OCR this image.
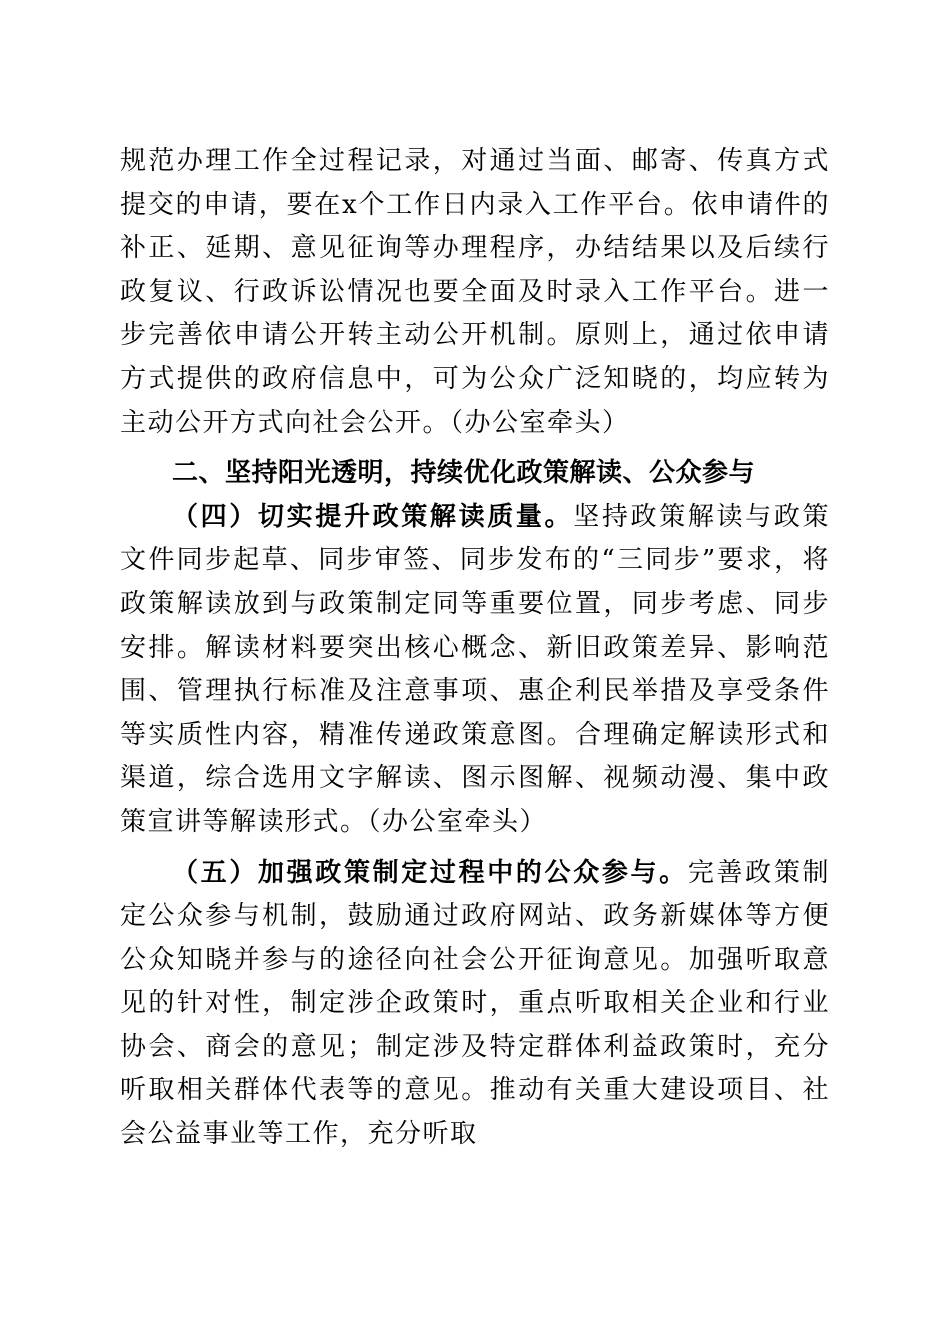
规范办理工作全过程记录，对通过当面、邮寄、传真方式提交的申请，要在x个工作日内录入工作平台。依申请件的补正、延期、意见征询等办理程序，办结结果以及后续行政复议、行政诉讼情况也要全面及时录入工作平台。进一步完善依申请公开转主动公开机制。原则上，通过依申请方式提供的政府信息中，可为公众广泛知晓的，均应转为主动公开方式向社会公开。（办公室牵头）

二、坚持阳光透明，持续优化政策解读、公众参与

（四）切实提升政策解读质量。坚持政策解读与政策文件同步起草、同步审签、同步发布的“三同步”要求，将政策解读放到与政策制定同等重要位置，同步考虑、同步安排。解读材料要突出核心概念、新旧政策差异、影响范围、管理执行标准及注意事项、惠企利民举措及享受条件等实质性内容，精准传递政策意图。合理确定解读形式和渠道，综合选用文字解读、图示图解、视频动漫、集中政策宣讲等解读形式。（办公室牵头）

（五）加强政策制定过程中的公众参与。完善政策制定公众参与机制，鼓励通过政府网站、政务新媒体等方便公众知晓并参与的途径向社会公开征询意见。加强听取意见的针对性，制定涉企政策时，重点听取相关企业和行业协会、商会的意见；制定涉及特定群体利益政策时，充分听取相关群体代表等的意见。推动有关重大建设项目、社会公益事业等工作，充分听取
